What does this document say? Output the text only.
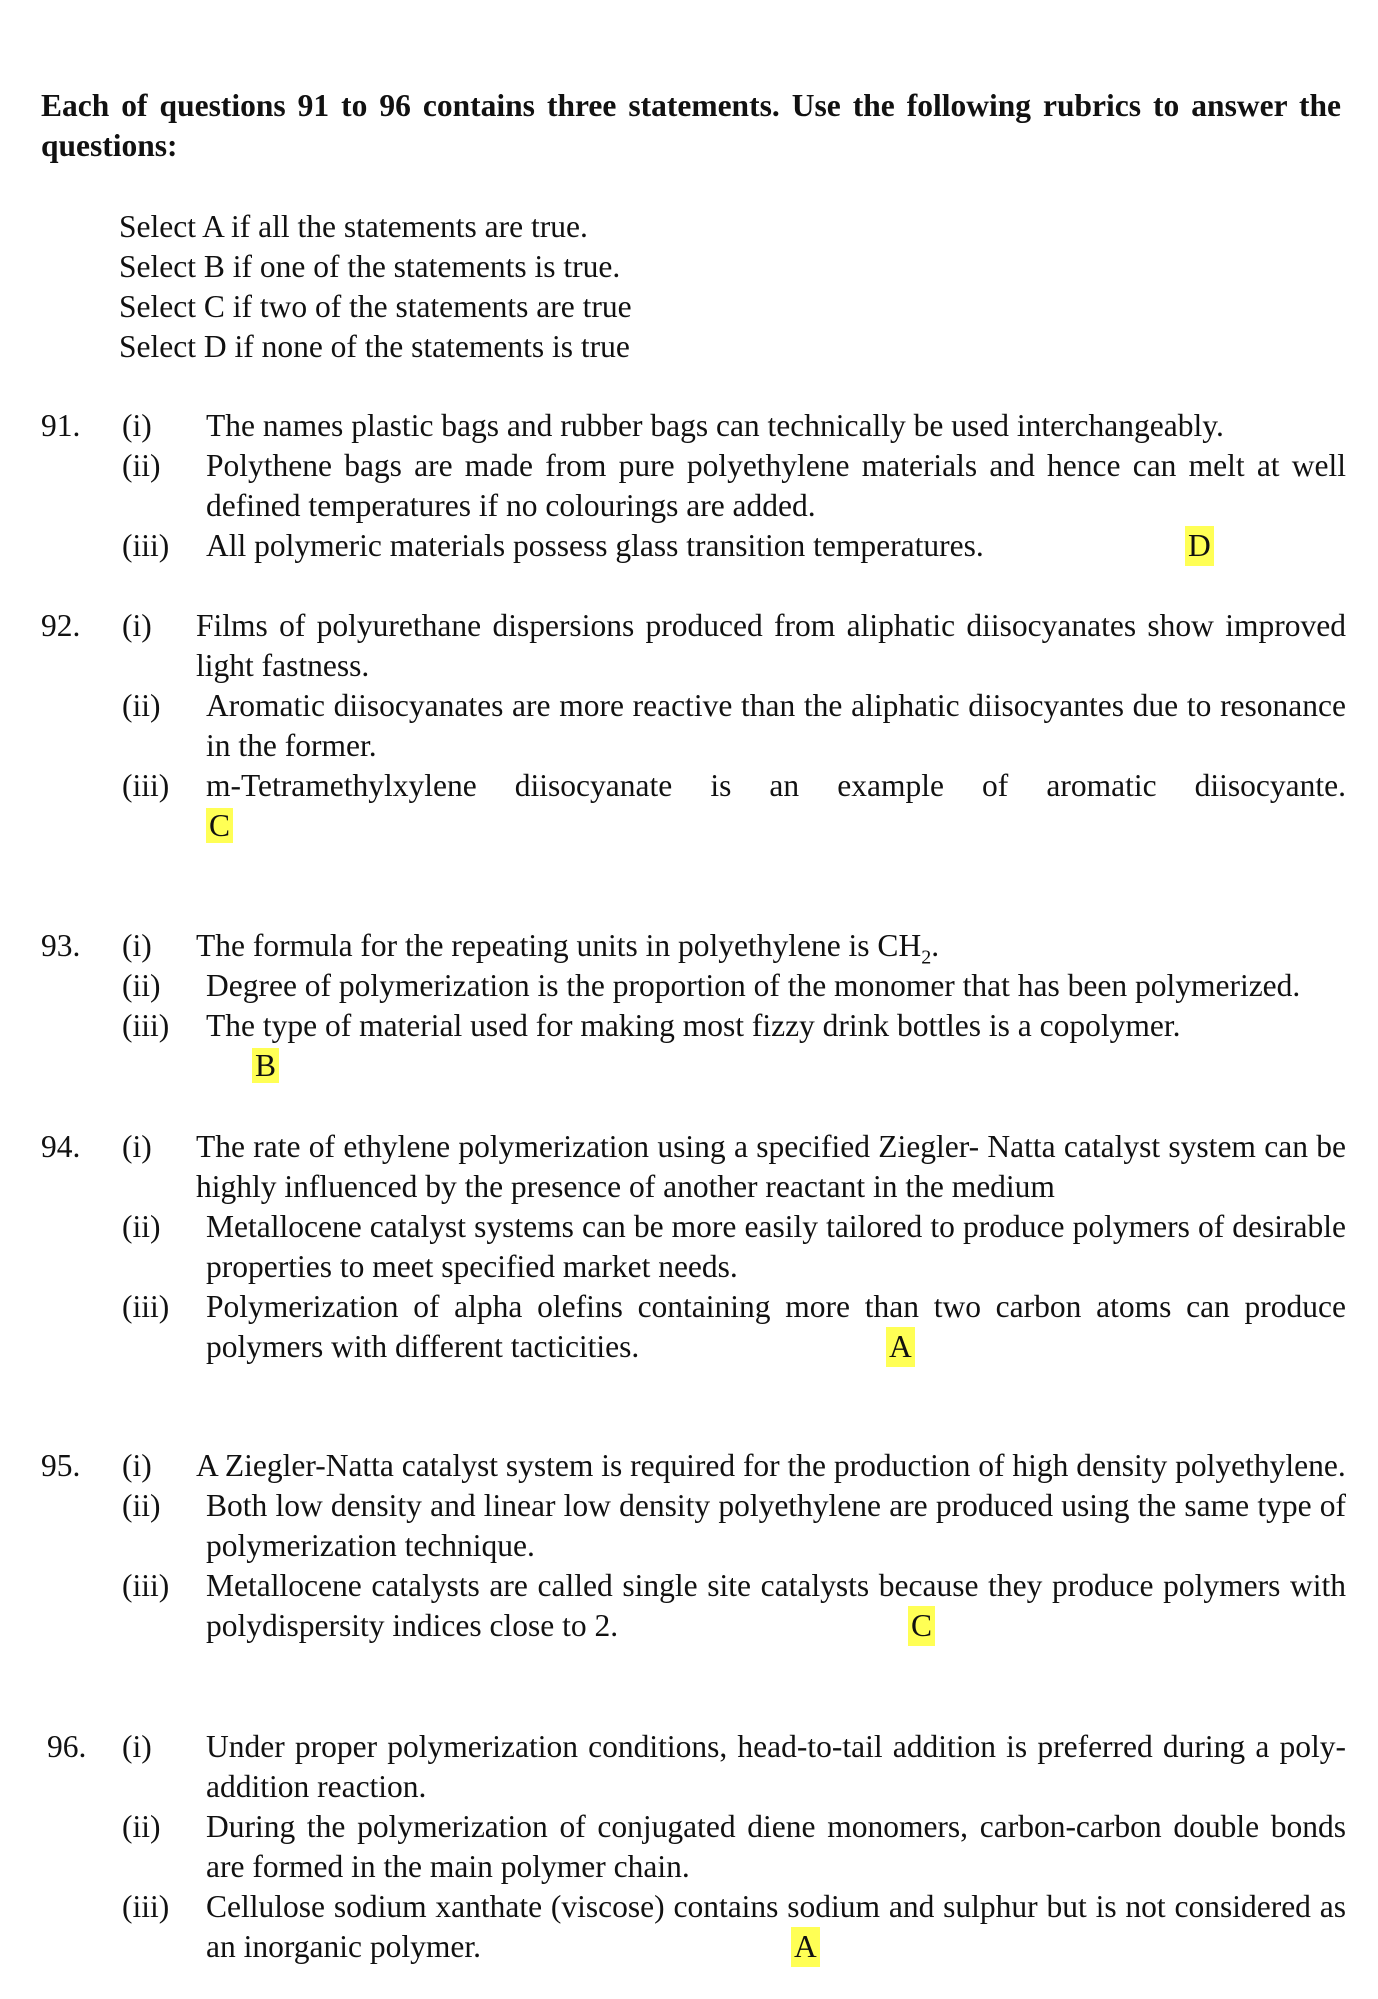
Each of questions 91 to 96 contains three statements. Use the following rubrics to answer the questions:
Select A if all the statements are true.
Select B if one of the statements is true.
Select C if two of the statements are true
Select D if none of the statements is true
91. (i) The names plastic bags and rubber bags can technically be used interchangeably.
(ii) Polythene bags are made from pure polyethylene materials and hence can melt at well defined temperatures if no colourings are added.
(iii) All polymeric materials possess glass transition temperatures.	D
92. (i) Films of polyurethane dispersions produced from aliphatic diisocyanates show improved light fastness.
(ii) Aromatic diisocyanates are more reactive than the aliphatic diisocyantes due to resonance in the former.
(iii) m-Tetramethylxylene diisocyanate is an example of aromatic diisocyante.
C
93. (i) The formula for the repeating units in polyethylene is $CH_2$.
(ii) Degree of polymerization is the proportion of the monomer that has been polymerized.
(iii) The type of material used for making most fizzy drink bottles is a copolymer.
B
94. (i) The rate of ethylene polymerization using a specified Ziegler- Natta catalyst system can be highly influenced by the presence of another reactant in the medium
(ii) Metallocene catalyst systems can be more easily tailored to produce polymers of desirable properties to meet specified market needs.
(iii) Polymerization of alpha olefins containing more than two carbon atoms can produce polymers with different tacticities.	A
95. (i) A Ziegler-Natta catalyst system is required for the production of high density polyethylene.
(ii) Both low density and linear low density polyethylene are produced using the same type of polymerization technique.
(iii) Metallocene catalysts are called single site catalysts because they produce polymers with polydispersity indices close to 2.	C
96. (i) Under proper polymerization conditions, head-to-tail addition is preferred during a poly-addition reaction.
(ii) During the polymerization of conjugated diene monomers, carbon-carbon double bonds are formed in the main polymer chain.
(iii) Cellulose sodium xanthate (viscose) contains sodium and sulphur but is not considered as an inorganic polymer.	A
